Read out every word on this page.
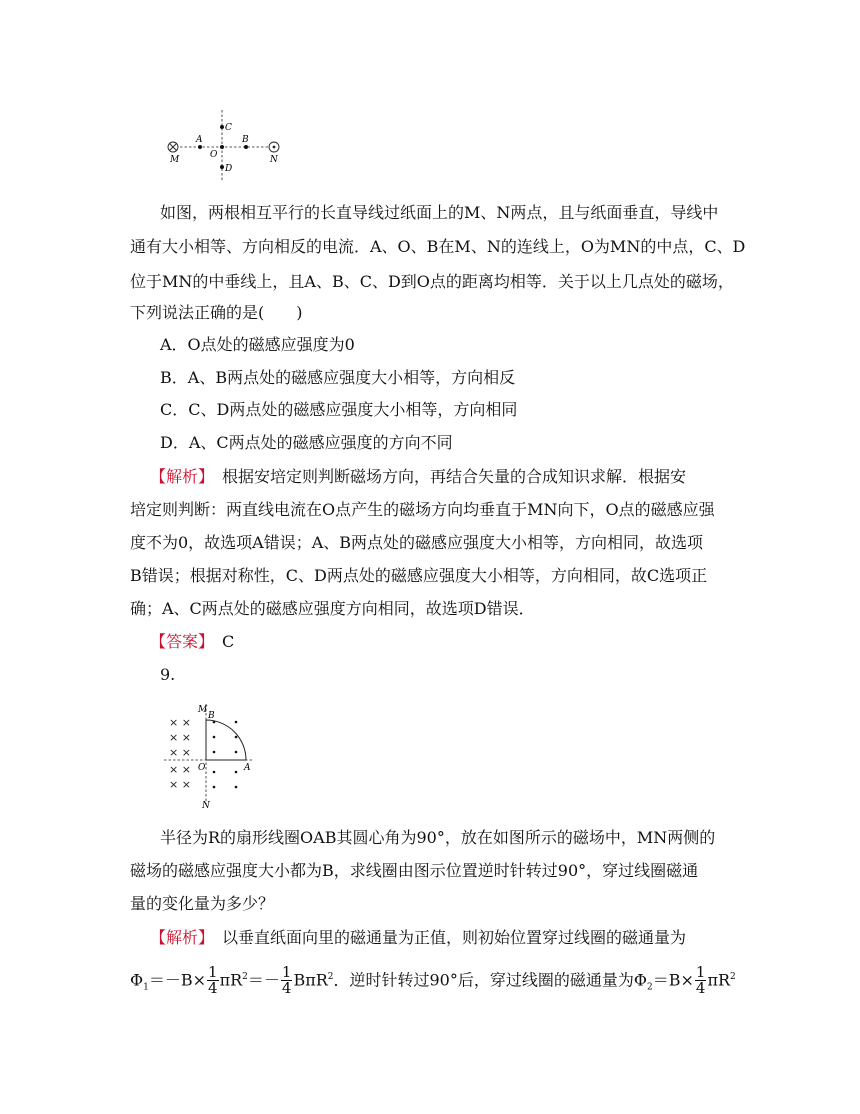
C
A	B
O
D
M	N
如图，两根相互平行的长直导线过纸面上的M、N两点，且与纸面垂直，导线中
通有大小相等、方向相反的电流．A、O、B在M、N的连线上，O为MN的中点，C、D
位于MN的中垂线上，且A、B、C、D到O点的距离均相等．关于以上几点处的磁场，
下列说法正确的是(　　)
A．O点处的磁感应强度为0
B．A、B两点处的磁感应强度大小相等，方向相反
C．C、D两点处的磁感应强度大小相等，方向相同
D．A、C两点处的磁感应强度的方向不同
【解析】　根据安培定则判断磁场方向，再结合矢量的合成知识求解．根据安
培定则判断：两直线电流在O点产生的磁场方向均垂直于MN向下，O点的磁感应强
度不为0，故选项A错误；A、B两点处的磁感应强度大小相等，方向相同，故选项
B错误；根据对称性，C、D两点处的磁感应强度大小相等，方向相同，故C选项正
确；A、C两点处的磁感应强度方向相同，故选项D错误．
【答案】　C
9.
× ×
× ×
× ×
× ×
× ×
M
B
O	A
N
半径为R的扇形线圈OAB其圆心角为90°，放在如图所示的磁场中，MN两侧的
磁场的磁感应强度大小都为B，求线圈由图示位置逆时针转过90°，穿过线圈磁通
量的变化量为多少？
【解析】　以垂直纸面向里的磁通量为正值，则初始位置穿过线圈的磁通量为
$\Phi_1=-B\times \frac{1}{4} \pi R^2=- \frac{1}{4} B\pi R^2$．逆时针转过90°后，穿过线圈的磁通量为$\Phi_2=B\times \frac{1}{4} \pi R^2$
